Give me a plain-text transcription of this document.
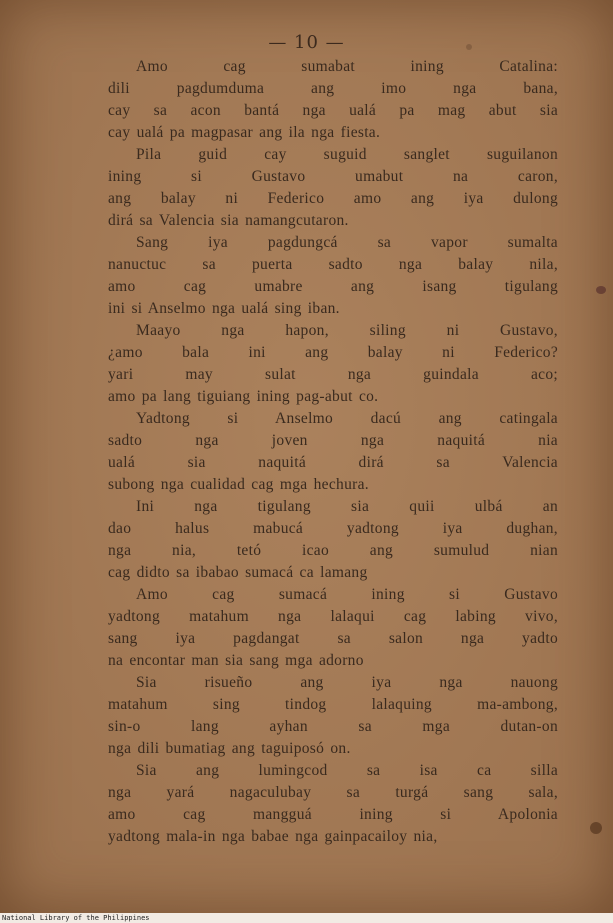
— 10 —
Amo cag sumabat ining Catalina:
dili pagdumduma ang imo nga bana,
cay sa acon bantá nga ualá pa mag abut sia
cay ualá pa magpasar ang ila nga fiesta.
Pila guid cay suguid sanglet suguilanon
ining si Gustavo umabut na caron,
ang balay ni Federico amo ang iya dulong
dirá sa Valencia sia namangcutaron.
Sang iya pagdungcá sa vapor sumalta
nanuctuc sa puerta sadto nga balay nila,
amo cag umabre ang isang tigulang
ini si Anselmo nga ualá sing iban.
Maayo nga hapon, siling ni Gustavo,
¿amo bala ini ang balay ni Federico?
yari may sulat nga guindala aco;
amo pa lang tiguiang ining pag-abut co.
Yadtong si Anselmo dacú ang catingala
sadto nga joven nga naquitá nia
ualá sia naquitá dirá sa Valencia
subong nga cualidad cag mga hechura.
Ini nga tigulang sia quii ulbá an
dao halus mabucá yadtong iya dughan,
nga nia, tetó icao ang sumulud nian
cag didto sa ibabao sumacá ca lamang
Amo cag sumacá ining si Gustavo
yadtong matahum nga lalaqui cag labing vivo,
sang iya pagdangat sa salon nga yadto
na encontar man sia sang mga adorno
Sia risueño ang iya nga nauong
matahum sing tindog lalaquing ma-ambong,
sin-o lang ayhan sa mga dutan-on
nga dili bumatiag ang taguiposó on.
Sia ang lumingcod sa isa ca silla
nga yará nagaculubay sa turgá sang sala,
amo cag mangguá ining si Apolonia
yadtong mala-in nga babae nga gainpacailoy nia,
National Library of the Philippines
